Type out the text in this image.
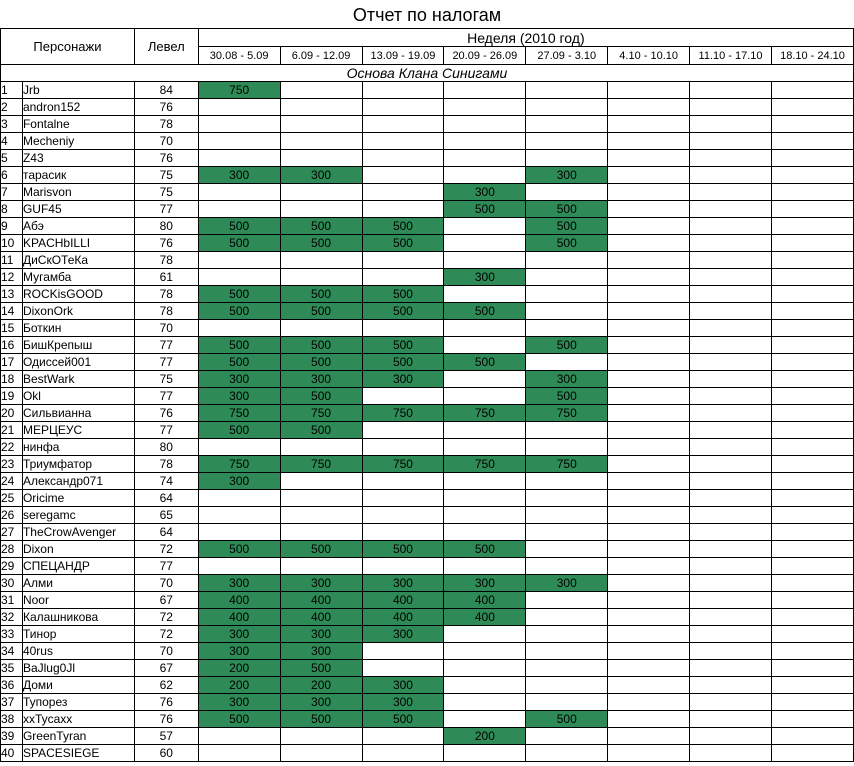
Отчет по налогам
Персонажи		Левел	Неделя (2010 год)							
			30.08 - 5.09	6.09 - 12.09	13.09 - 19.09	20.09 - 26.09	27.09 - 3.10	4.10 - 10.10	11.10 - 17.10	18.10 - 24.10
Основа Клана Синигами										
1	Jrb	84	750							
2	andron152	76								
3	Fontalne	78								
4	Mecheniy	70								
5	Z43	76								
6	тарасик	75	300	300			300			
7	Marisvon	75				300				
8	GUF45	77				500	500			
9	Абэ	80	500	500	500		500			
10	KPACHbILLI	76	500	500	500		500			
11	ДиСкОТеКа	78								
12	Мугамба	61				300				
13	ROCKisGOOD	78	500	500	500					
14	DixonOrk	78	500	500	500	500				
15	Боткин	70								
16	БишКрепыш	77	500	500	500		500			
17	Одиссей001	77	500	500	500	500				
18	BestWark	75	300	300	300		300			
19	Okl	77	300	500			500			
20	Сильвианна	76	750	750	750	750	750			
21	МЕРЦЕУС	77	500	500						
22	нинфа	80								
23	Триумфатор	78	750	750	750	750	750			
24	Александр071	74	300							
25	Oricime	64								
26	seregamc	65								
27	TheCrowAvenger	64								
28	Dixon	72	500	500	500	500				
29	СПЕЦАНДР	77								
30	Алми	70	300	300	300	300	300			
31	Noor	67	400	400	400	400				
32	Калашникова	72	400	400	400	400				
33	Тинор	72	300	300	300					
34	40rus	70	300	300						
35	BaJlug0Jl	67	200	500						
36	Доми	62	200	200	300					
37	Тупорез	76	300	300	300					
38	xxTycaxx	76	500	500	500		500			
39	GreenTyran	57				200				
40	SPACESIEGE	60								
